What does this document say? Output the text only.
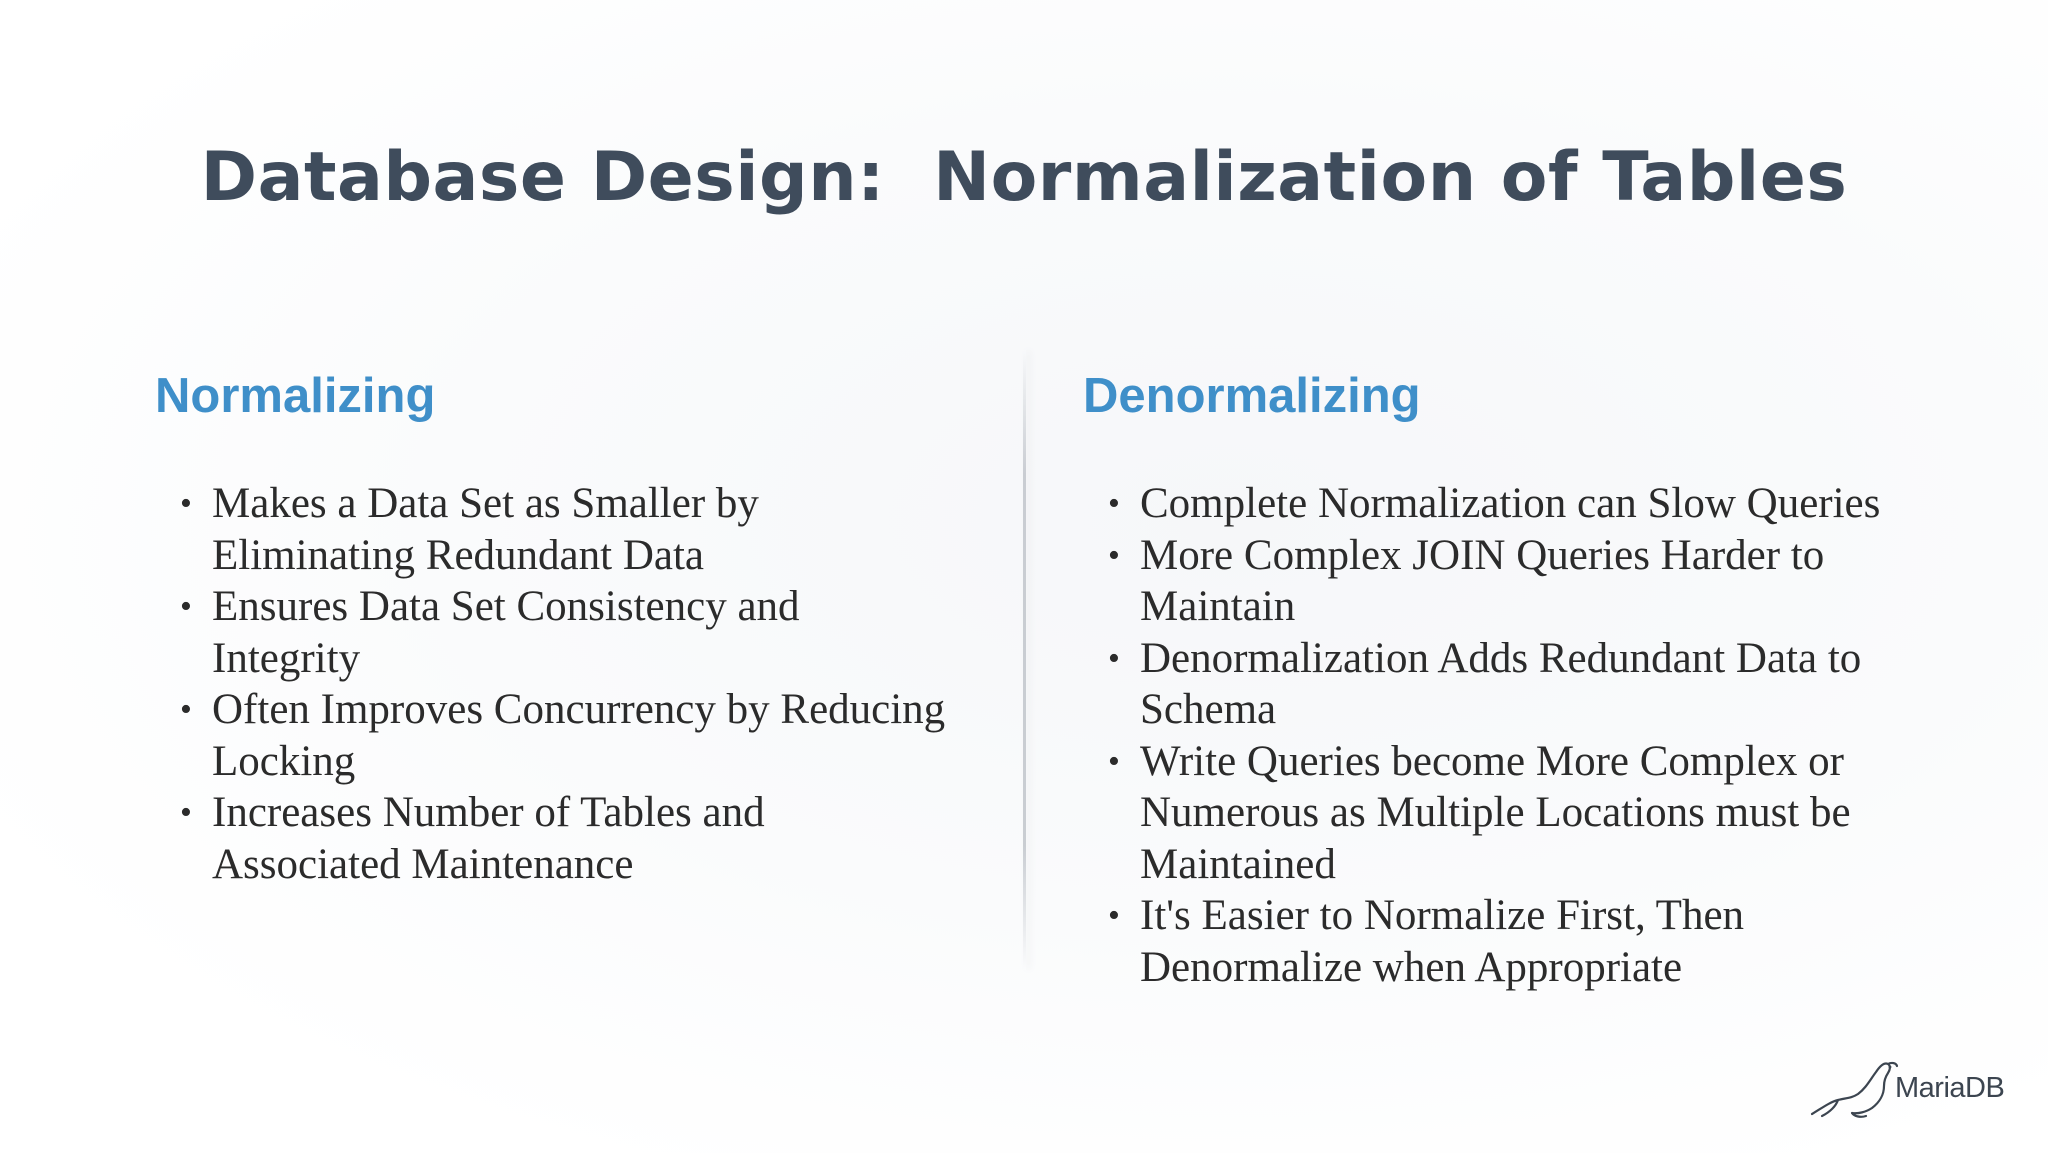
Database Design:  Normalization of Tables
Normalizing
• Makes a Data Set as Smaller by
Eliminating Redundant Data
• Ensures Data Set Consistency and
Integrity
• Often Improves Concurrency by Reducing
Locking
• Increases Number of Tables and
Associated Maintenance
Denormalizing
• Complete Normalization can Slow Queries
• More Complex JOIN Queries Harder to
Maintain
• Denormalization Adds Redundant Data to
Schema
• Write Queries become More Complex or
Numerous as Multiple Locations must be
Maintained
• It's Easier to Normalize First, Then
Denormalize when Appropriate
MariaDB
